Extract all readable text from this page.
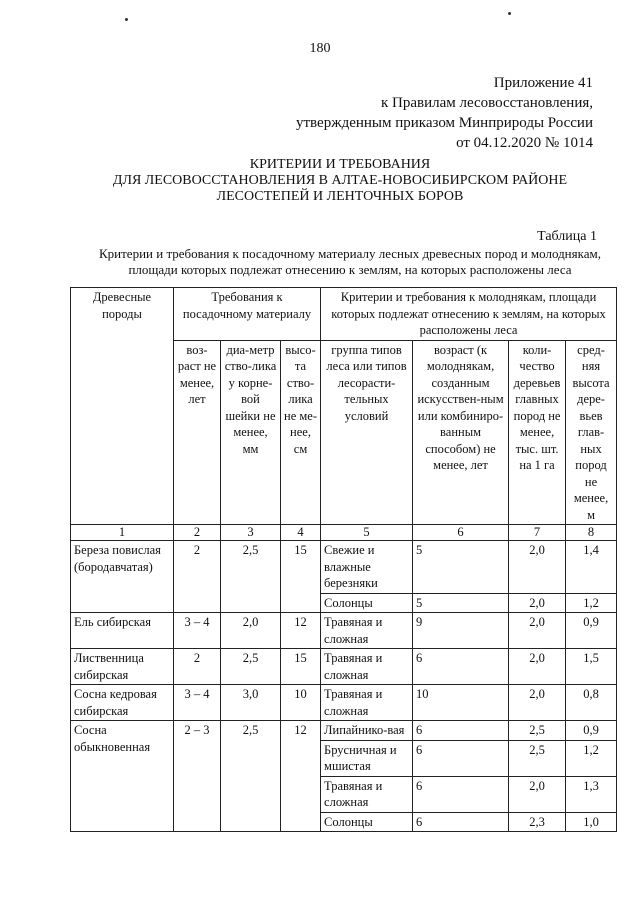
180
Приложение 41
к Правилам лесовосстановления,
утвержденным приказом Минприроды России
от 04.12.2020 № 1014
КРИТЕРИИ И ТРЕБОВАНИЯ
ДЛЯ ЛЕСОВОССТАНОВЛЕНИЯ В АЛТАЕ-НОВОСИБИРСКОМ РАЙОНЕ
ЛЕСОСТЕПЕЙ И ЛЕНТОЧНЫХ БОРОВ
Таблица 1
Критерии и требования к посадочному материалу лесных древесных пород и молоднякам,
площади которых подлежат отнесению к землям, на которых расположены леса
Древесные породы	Требования к посадочному материалу			Критерии и требования к молоднякам, площади которых подлежат отнесению к землям, на которых расположены леса			
	воз-раст не менее, лет	диа-метр ство-лика у корне-вой шейки не менее, мм	высо-та ство-лика не ме-нее, см	группа типов леса или типов лесорасти-тельных условий	возраст (к молоднякам, созданным искусствен-ным или комбиниро-ванным способом) не менее, лет	коли-чество деревьев главных пород не менее, тыс. шт. на 1 га	сред-няя высота дере-вьев глав-ных пород не менее, м
1	2	3	4	5	6	7	8
Береза повислая (бородавчатая)	2	2,5	15	Свежие и влажные березняки	5	2,0	1,4
				Солонцы	5	2,0	1,2
Ель сибирская	3 – 4	2,0	12	Травяная и сложная	9	2,0	0,9
Лиственница сибирская	2	2,5	15	Травяная и сложная	6	2,0	1,5
Сосна кедровая сибирская	3 – 4	3,0	10	Травяная и сложная	10	2,0	0,8
Сосна обыкновенная	2 – 3	2,5	12	Липайнико-вая	6	2,5	0,9
				Брусничная и мшистая	6	2,5	1,2
				Травяная и сложная	6	2,0	1,3
				Солонцы	6	2,3	1,0
